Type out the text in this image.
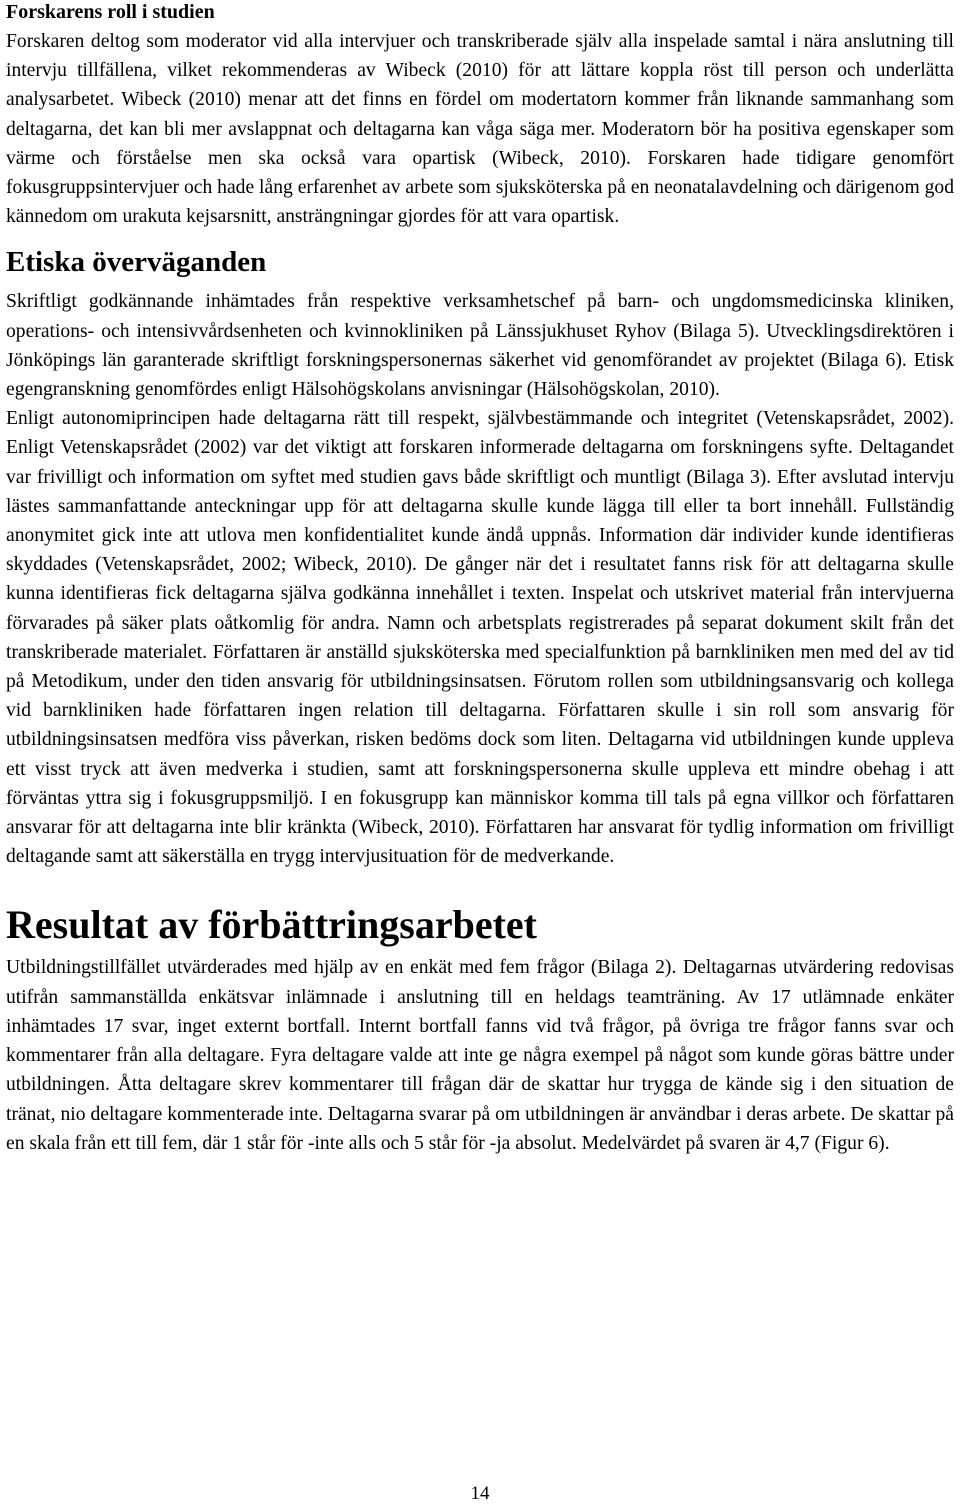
Forskarens roll i studien

Forskaren deltog som moderator vid alla intervjuer och transkriberade själv alla inspelade samtal i nära anslutning till intervju tillfällena, vilket rekommenderas av Wibeck (2010) för att lättare koppla röst till person och underlätta analysarbetet. Wibeck (2010) menar att det finns en fördel om modertatorn kommer från liknande sammanhang som deltagarna, det kan bli mer avslappnat och deltagarna kan våga säga mer. Moderatorn bör ha positiva egenskaper som värme och förståelse men ska också vara opartisk (Wibeck, 2010). Forskaren hade tidigare genomfört fokusgruppsintervjuer och hade lång erfarenhet av arbete som sjuksköterska på en neonatalavdelning och därigenom god kännedom om urakuta kejsarsnitt, ansträngningar gjordes för att vara opartisk.

Etiska överväganden

Skriftligt godkännande inhämtades från respektive verksamhetschef på barn- och ungdomsmedicinska kliniken, operations- och intensivvårdsenheten och kvinnokliniken på Länssjukhuset Ryhov (Bilaga 5). Utvecklingsdirektören i Jönköpings län garanterade skriftligt forskningspersonernas säkerhet vid genomförandet av projektet (Bilaga 6). Etisk egengranskning genomfördes enligt Hälsohögskolans anvisningar (Hälsohögskolan, 2010).

Enligt autonomiprincipen hade deltagarna rätt till respekt, självbestämmande och integritet (Vetenskapsrådet, 2002). Enligt Vetenskapsrådet (2002) var det viktigt att forskaren informerade deltagarna om forskningens syfte. Deltagandet var frivilligt och information om syftet med studien gavs både skriftligt och muntligt (Bilaga 3). Efter avslutad intervju lästes sammanfattande anteckningar upp för att deltagarna skulle kunde lägga till eller ta bort innehåll. Fullständig anonymitet gick inte att utlova men konfidentialitet kunde ändå uppnås. Information där individer kunde identifieras skyddades (Vetenskapsrådet, 2002; Wibeck, 2010). De gånger när det i resultatet fanns risk för att deltagarna skulle kunna identifieras fick deltagarna själva godkänna innehållet i texten. Inspelat och utskrivet material från intervjuerna förvarades på säker plats oåtkomlig för andra. Namn och arbetsplats registrerades på separat dokument skilt från det transkriberade materialet. Författaren är anställd sjuksköterska med specialfunktion på barnkliniken men med del av tid på Metodikum, under den tiden ansvarig för utbildningsinsatsen. Förutom rollen som utbildningsansvarig och kollega vid barnkliniken hade författaren ingen relation till deltagarna. Författaren skulle i sin roll som ansvarig för utbildningsinsatsen medföra viss påverkan, risken bedöms dock som liten. Deltagarna vid utbildningen kunde uppleva ett visst tryck att även medverka i studien, samt att forskningspersonerna skulle uppleva ett mindre obehag i att förväntas yttra sig i fokusgruppsmiljö. I en fokusgrupp kan människor komma till tals på egna villkor och författaren ansvarar för att deltagarna inte blir kränkta (Wibeck, 2010). Författaren har ansvarat för tydlig information om frivilligt deltagande samt att säkerställa en trygg intervjusituation för de medverkande.

Resultat av förbättringsarbetet

Utbildningstillfället utvärderades med hjälp av en enkät med fem frågor (Bilaga 2). Deltagarnas utvärdering redovisas utifrån sammanställda enkätsvar inlämnade i anslutning till en heldags teamträning. Av 17 utlämnade enkäter inhämtades 17 svar, inget externt bortfall. Internt bortfall fanns vid två frågor, på övriga tre frågor fanns svar och kommentarer från alla deltagare. Fyra deltagare valde att inte ge några exempel på något som kunde göras bättre under utbildningen. Åtta deltagare skrev kommentarer till frågan där de skattar hur trygga de kände sig i den situation de tränat, nio deltagare kommenterade inte. Deltagarna svarar på om utbildningen är användbar i deras arbete. De skattar på en skala från ett till fem, där 1 står för -inte alls och 5 står för -ja absolut. Medelvärdet på svaren är 4,7 (Figur 6).

14
